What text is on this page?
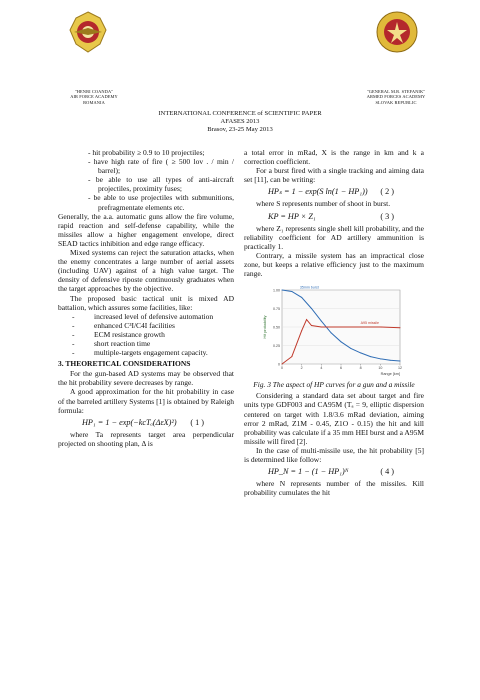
"HENRI COANDA"
AIR FORCE ACADEMY
ROMANIA
"GENERAL M.R. STEFANIK"
ARMED FORCES ACADEMY
SLOVAK REPUBLIC
INTERNATIONAL CONFERENCE of SCIENTIFIC PAPER
AFASES 2013
Brasov, 23-25 May 2013

- hit probability ≥ 0.9 to 10 projectiles;

- have high rate of fire ( ≥ 500 lov . / min / barrel);

- be able to use all types of anti-aircraft projectiles, proximity fuses;

- be able to use projectiles with submunitions, prefragmentate elements etc.

Generally, the a.a. automatic guns allow the fire volume, rapid reaction and self-defense capability, while the missiles allow a higher engagement envelope, direct SEAD tactics inhibition and edge range efficacy.

Mixed systems can reject the saturation attacks, when the enemy concentrates a large number of aerial assets (including UAV) against of a high value target. The density of defensive riposte continuously graduates when the target approaches by the objective.

The proposed basic tactical unit is mixed AD battalion, which assures some facilities, like:

- increased level of defensive automation
- enhanced C³I/C4I facilities
- ECM resistance growth
- short reaction time
- multiple-targets engagement capacity.

3. THEORETICAL CONSIDERATIONS

For the gun-based AD systems may be observed that the hit probability severe decreases by range.

A good approximation for the hit probability in case of the barreled artillery Systems [1] is obtained by Raleigh formula:

HP₁ = 1 − exp(−kcTₐ(ΔεX)²) ( 1 )

where Ta represents target area perpendicular projected on shooting plan, Δ is

a total error in mRad, X is the range in km and k a correction coefficient.

For a burst fired with a single tracking and aiming data set [11], can be writing:

HPₛ = 1 − exp(S ln(1 − HP₁)) ( 2 )

where S represents number of shoot in burst.

KP = HP × Z₁	( 3 )

where Z₁ represents single shell kill probability, and the reliability coefficient for AD artillery ammunition is practically 1.

Contrary, a missile system has an impractical close zone, but keeps a relative efficiency just to the maximum range.

0
0.25
0.50
0.75
1.00
0	2	4	6	8	10	12
Hit probability
Range [km]
35mm burst
A95 missile

Fig. 3 The aspect of HP curves for a gun and a missile

Considering a standard data set about target and fire units type GDF003 and CA95M (Tₐ = 9, elliptic dispersion centered on target with 1.8/3.6 mRad deviation, aiming error 2 mRad, Z1M - 0.45, Z1O - 0.15) the hit and kill probability was calculate if a 35 mm HEI burst and a A95M missile will fired [2].

In the case of multi-missile use, the hit probability [5] is determined like follow:

HP_N = 1 − (1 − HP₁)ᴺ	( 4 )

where N represents number of the missiles. Kill probability cumulates the hit
